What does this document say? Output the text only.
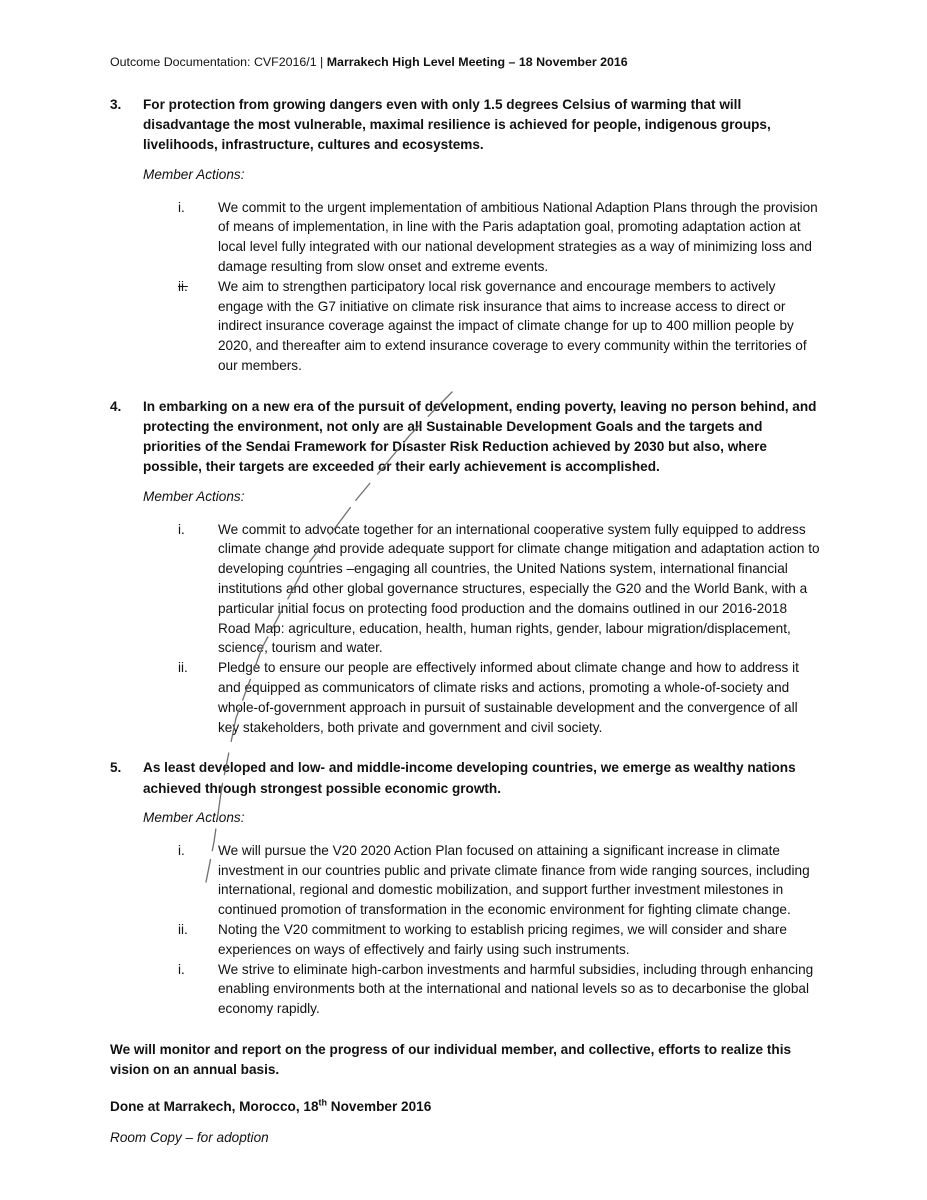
Outcome Documentation: CVF2016/1 | Marrakech High Level Meeting – 18 November 2016
3.	For protection from growing dangers even with only 1.5 degrees Celsius of warming that will disadvantage the most vulnerable, maximal resilience is achieved for people, indigenous groups, livelihoods, infrastructure, cultures and ecosystems.
Member Actions:
i.	We commit to the urgent implementation of ambitious National Adaption Plans through the provision of means of implementation, in line with the Paris adaptation goal, promoting adaptation action at local level fully integrated with our national development strategies as a way of minimizing loss and damage resulting from slow onset and extreme events.
ii.	We aim to strengthen participatory local risk governance and encourage members to actively engage with the G7 initiative on climate risk insurance that aims to increase access to direct or indirect insurance coverage against the impact of climate change for up to 400 million people by 2020, and thereafter aim to extend insurance coverage to every community within the territories of our members.
4.	In embarking on a new era of the pursuit of development, ending poverty, leaving no person behind, and protecting the environment, not only are all Sustainable Development Goals and the targets and priorities of the Sendai Framework for Disaster Risk Reduction achieved by 2030 but also, where possible, their targets are exceeded or their early achievement is accomplished.
Member Actions:
i.	We commit to advocate together for an international cooperative system fully equipped to address climate change and provide adequate support for climate change mitigation and adaptation action to developing countries –engaging all countries, the United Nations system, international financial institutions and other global governance structures, especially the G20 and the World Bank, with a particular initial focus on protecting food production and the domains outlined in our 2016-2018 Road Map: agriculture, education, health, human rights, gender, labour migration/displacement, science, tourism and water.
ii.	Pledge to ensure our people are effectively informed about climate change and how to address it and equipped as communicators of climate risks and actions, promoting a whole-of-society and whole-of-government approach in pursuit of sustainable development and the convergence of all key stakeholders, both private and government and civil society.
5.	As least developed and low- and middle-income developing countries, we emerge as wealthy nations achieved through strongest possible economic growth.
Member Actions:
i.	We will pursue the V20 2020 Action Plan focused on attaining a significant increase in climate investment in our countries public and private climate finance from wide ranging sources, including international, regional and domestic mobilization, and support further investment milestones in continued promotion of transformation in the economic environment for fighting climate change.
ii.	Noting the V20 commitment to working to establish pricing regimes, we will consider and share experiences on ways of effectively and fairly using such instruments.
i.	We strive to eliminate high-carbon investments and harmful subsidies, including through enhancing enabling environments both at the international and national levels so as to decarbonise the global economy rapidly.
We will monitor and report on the progress of our individual member, and collective, efforts to realize this vision on an annual basis.
Done at Marrakech, Morocco, 18th November 2016
Room Copy – for adoption
